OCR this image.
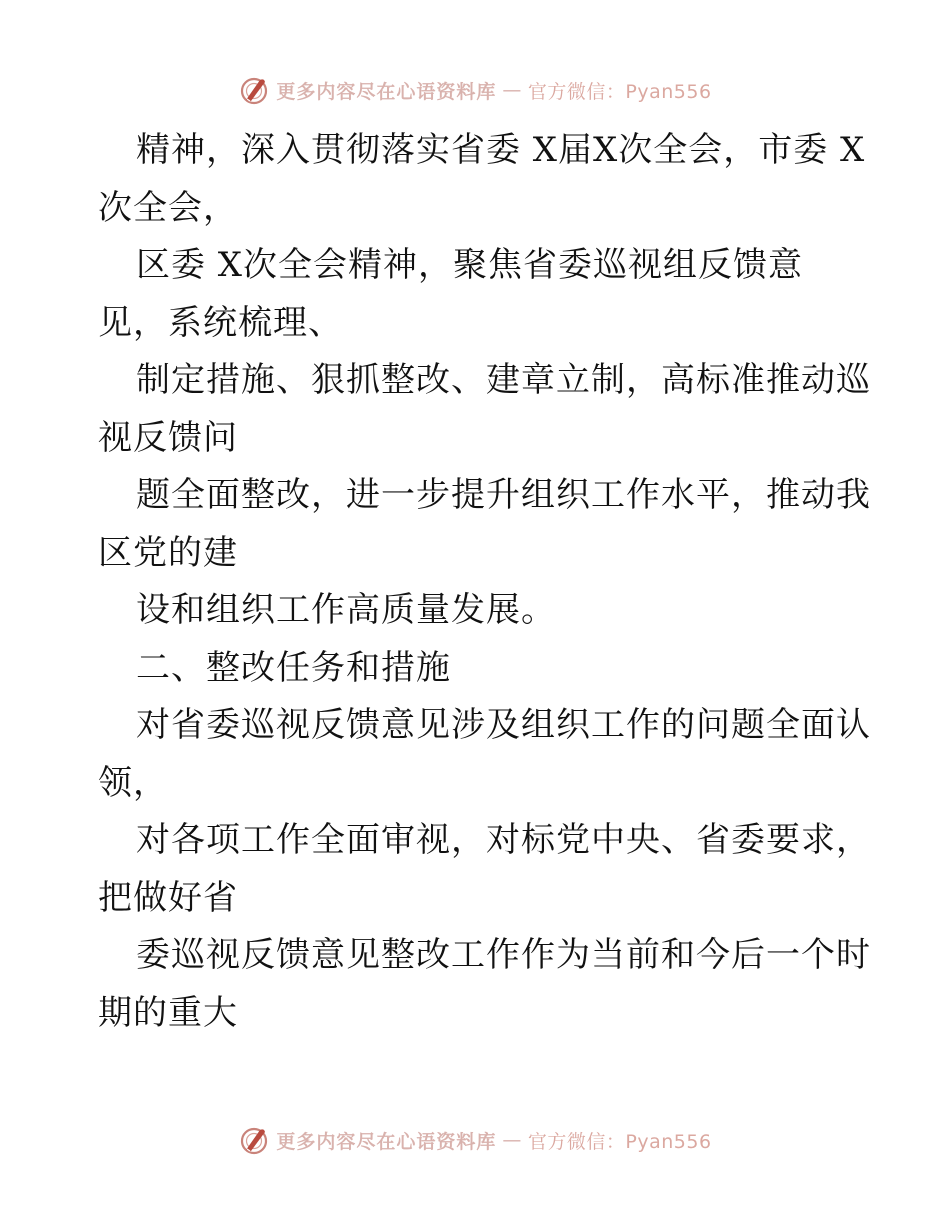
更多内容尽在心语资料库 — 官方微信：Pyan556
精神，深入贯彻落实省委 X届X次全会，市委 X
次全会，
区委 X次全会精神，聚焦省委巡视组反馈意
见，系统梳理、
制定措施、狠抓整改、建章立制，高标准推动巡
视反馈问
题全面整改，进一步提升组织工作水平，推动我
区党的建
设和组织工作高质量发展。
二、整改任务和措施
对省委巡视反馈意见涉及组织工作的问题全面认
领，
对各项工作全面审视，对标党中央、省委要求，
把做好省
委巡视反馈意见整改工作作为当前和今后一个时
期的重大
更多内容尽在心语资料库 — 官方微信：Pyan556
